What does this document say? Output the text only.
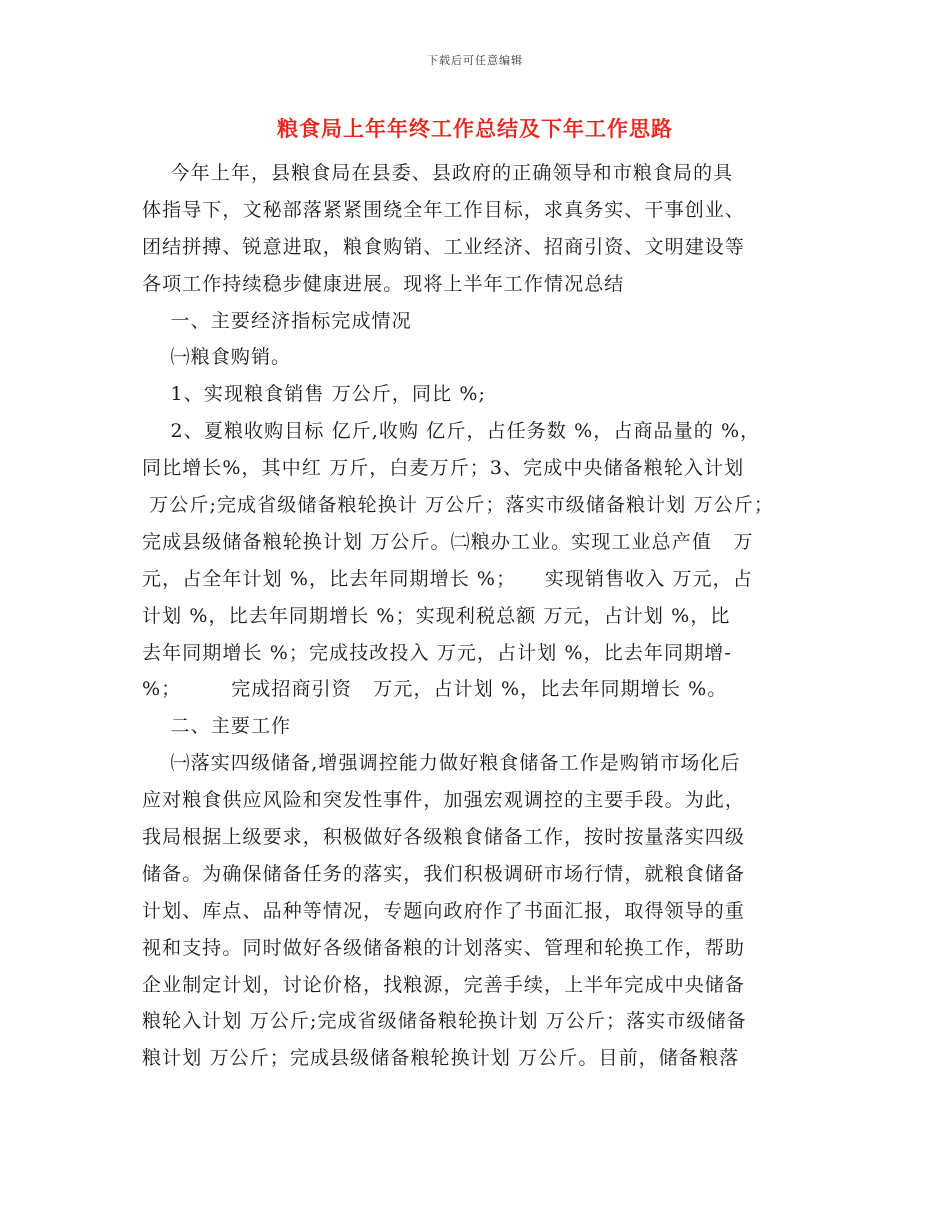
下载后可任意编辑
粮食局上年年终工作总结及下年工作思路
今年上年，县粮食局在县委、县政府的正确领导和市粮食局的具
体指导下，文秘部落紧紧围绕全年工作目标，求真务实、干事创业、
团结拼搏、锐意进取，粮食购销、工业经济、招商引资、文明建设等
各项工作持续稳步健康进展。现将上半年工作情况总结
一、主要经济指标完成情况
㈠粮食购销。
1、实现粮食销售 万公斤，同比 %;
2、夏粮收购目标 亿斤,收购 亿斤，占任务数 %，占商品量的 %，
同比增长%，其中红 万斤，白麦万斤；3、完成中央储备粮轮入计划
万公斤;完成省级储备粮轮换计 万公斤；落实市级储备粮计划 万公斤；
完成县级储备粮轮换计划 万公斤。㈡粮办工业。实现工业总产值   万
元，占全年计划 %，比去年同期增长 %；    实现销售收入 万元，占
计划 %，比去年同期增长 %；实现利税总额 万元，占计划 %，比
去年同期增长 %；完成技改投入 万元，占计划 %，比去年同期增-
%；       完成招商引资   万元，占计划 %，比去年同期增长 %。
二、主要工作
㈠落实四级储备,增强调控能力做好粮食储备工作是购销市场化后
应对粮食供应风险和突发性事件，加强宏观调控的主要手段。为此，
我局根据上级要求，积极做好各级粮食储备工作，按时按量落实四级
储备。为确保储备任务的落实，我们积极调研市场行情，就粮食储备
计划、库点、品种等情况，专题向政府作了书面汇报，取得领导的重
视和支持。同时做好各级储备粮的计划落实、管理和轮换工作，帮助
企业制定计划，讨论价格，找粮源，完善手续，上半年完成中央储备
粮轮入计划 万公斤;完成省级储备粮轮换计划 万公斤；落实市级储备
粮计划 万公斤；完成县级储备粮轮换计划 万公斤。目前，储备粮落
